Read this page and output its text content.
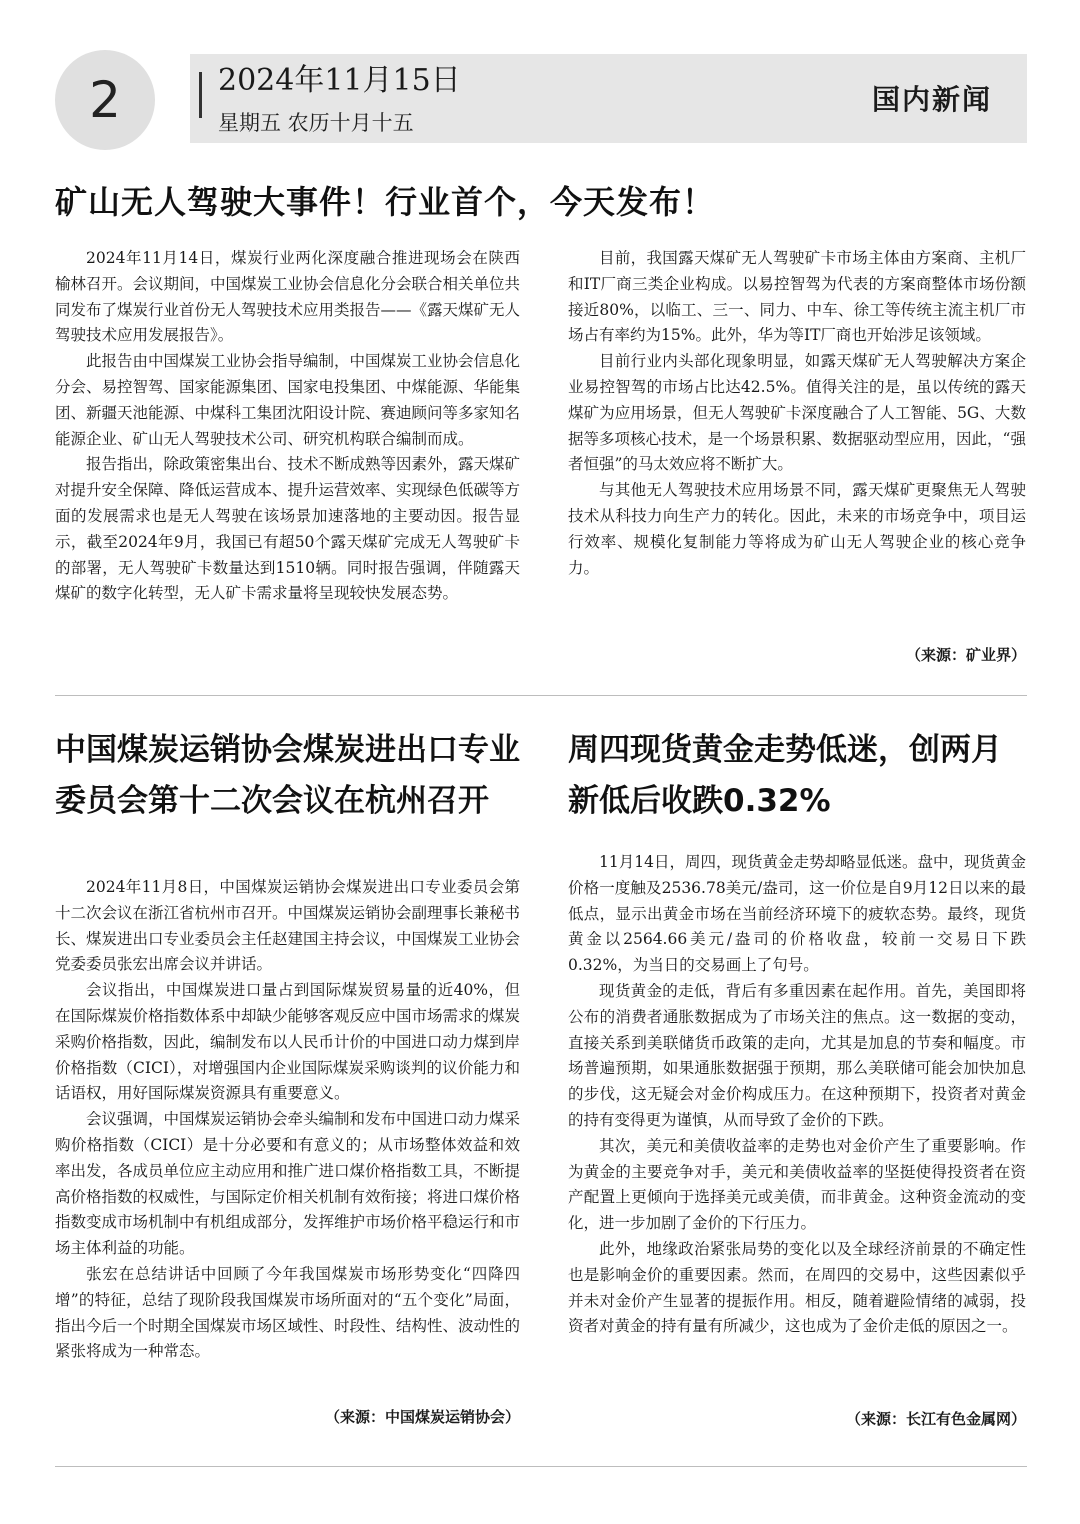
2	2024年11月15日
星期五 农历十月十五
国内新闻
矿山无人驾驶大事件！行业首个，今天发布！

2024年11月14日，煤炭行业两化深度融合推进现场会在陕西榆林召开。会议期间，中国煤炭工业协会信息化分会联合相关单位共同发布了煤炭行业首份无人驾驶技术应用类报告——《露天煤矿无人驾驶技术应用发展报告》。

此报告由中国煤炭工业协会指导编制，中国煤炭工业协会信息化分会、易控智驾、国家能源集团、国家电投集团、中煤能源、华能集团、新疆天池能源、中煤科工集团沈阳设计院、赛迪顾问等多家知名能源企业、矿山无人驾驶技术公司、研究机构联合编制而成。

报告指出，除政策密集出台、技术不断成熟等因素外，露天煤矿对提升安全保障、降低运营成本、提升运营效率、实现绿色低碳等方面的发展需求也是无人驾驶在该场景加速落地的主要动因。报告显示，截至2024年9月，我国已有超50个露天煤矿完成无人驾驶矿卡的部署，无人驾驶矿卡数量达到1510辆。同时报告强调，伴随露天煤矿的数字化转型，无人矿卡需求量将呈现较快发展态势。

目前，我国露天煤矿无人驾驶矿卡市场主体由方案商、主机厂和IT厂商三类企业构成。以易控智驾为代表的方案商整体市场份额接近80%，以临工、三一、同力、中车、徐工等传统主流主机厂市场占有率约为15%。此外，华为等IT厂商也开始涉足该领域。

目前行业内头部化现象明显，如露天煤矿无人驾驶解决方案企业易控智驾的市场占比达42.5%。值得关注的是，虽以传统的露天煤矿为应用场景，但无人驾驶矿卡深度融合了人工智能、5G、大数据等多项核心技术，是一个场景积累、数据驱动型应用，因此，“强者恒强”的马太效应将不断扩大。

与其他无人驾驶技术应用场景不同，露天煤矿更聚焦无人驾驶技术从科技力向生产力的转化。因此，未来的市场竞争中，项目运行效率、规模化复制能力等将成为矿山无人驾驶企业的核心竞争力。

（来源：矿业界）
中国煤炭运销协会煤炭进出口专业委员会第十二次会议在杭州召开

2024年11月8日，中国煤炭运销协会煤炭进出口专业委员会第十二次会议在浙江省杭州市召开。中国煤炭运销协会副理事长兼秘书长、煤炭进出口专业委员会主任赵建国主持会议，中国煤炭工业协会党委委员张宏出席会议并讲话。

会议指出，中国煤炭进口量占到国际煤炭贸易量的近40%，但在国际煤炭价格指数体系中却缺少能够客观反应中国市场需求的煤炭采购价格指数，因此，编制发布以人民币计价的中国进口动力煤到岸价格指数（CICI），对增强国内企业国际煤炭采购谈判的议价能力和话语权，用好国际煤炭资源具有重要意义。

会议强调，中国煤炭运销协会牵头编制和发布中国进口动力煤采购价格指数（CICI）是十分必要和有意义的；从市场整体效益和效率出发，各成员单位应主动应用和推广进口煤价格指数工具，不断提高价格指数的权威性，与国际定价相关机制有效衔接；将进口煤价格指数变成市场机制中有机组成部分，发挥维护市场价格平稳运行和市场主体利益的功能。

张宏在总结讲话中回顾了今年我国煤炭市场形势变化“四降四增”的特征，总结了现阶段我国煤炭市场所面对的“五个变化”局面，指出今后一个时期全国煤炭市场区域性、时段性、结构性、波动性的紧张将成为一种常态。

（来源：中国煤炭运销协会）
周四现货黄金走势低迷，创两月新低后收跌0.32%

11月14日，周四，现货黄金走势却略显低迷。盘中，现货黄金价格一度触及2536.78美元/盎司，这一价位是自9月12日以来的最低点，显示出黄金市场在当前经济环境下的疲软态势。最终，现货黄金以2564.66美元/盎司的价格收盘，较前一交易日下跌0.32%，为当日的交易画上了句号。

现货黄金的走低，背后有多重因素在起作用。首先，美国即将公布的消费者通胀数据成为了市场关注的焦点。这一数据的变动，直接关系到美联储货币政策的走向，尤其是加息的节奏和幅度。市场普遍预期，如果通胀数据强于预期，那么美联储可能会加快加息的步伐，这无疑会对金价构成压力。在这种预期下，投资者对黄金的持有变得更为谨慎，从而导致了金价的下跌。

其次，美元和美债收益率的走势也对金价产生了重要影响。作为黄金的主要竞争对手，美元和美债收益率的坚挺使得投资者在资产配置上更倾向于选择美元或美债，而非黄金。这种资金流动的变化，进一步加剧了金价的下行压力。

此外，地缘政治紧张局势的变化以及全球经济前景的不确定性也是影响金价的重要因素。然而，在周四的交易中，这些因素似乎并未对金价产生显著的提振作用。相反，随着避险情绪的减弱，投资者对黄金的持有量有所减少，这也成为了金价走低的原因之一。

（来源：长江有色金属网）
